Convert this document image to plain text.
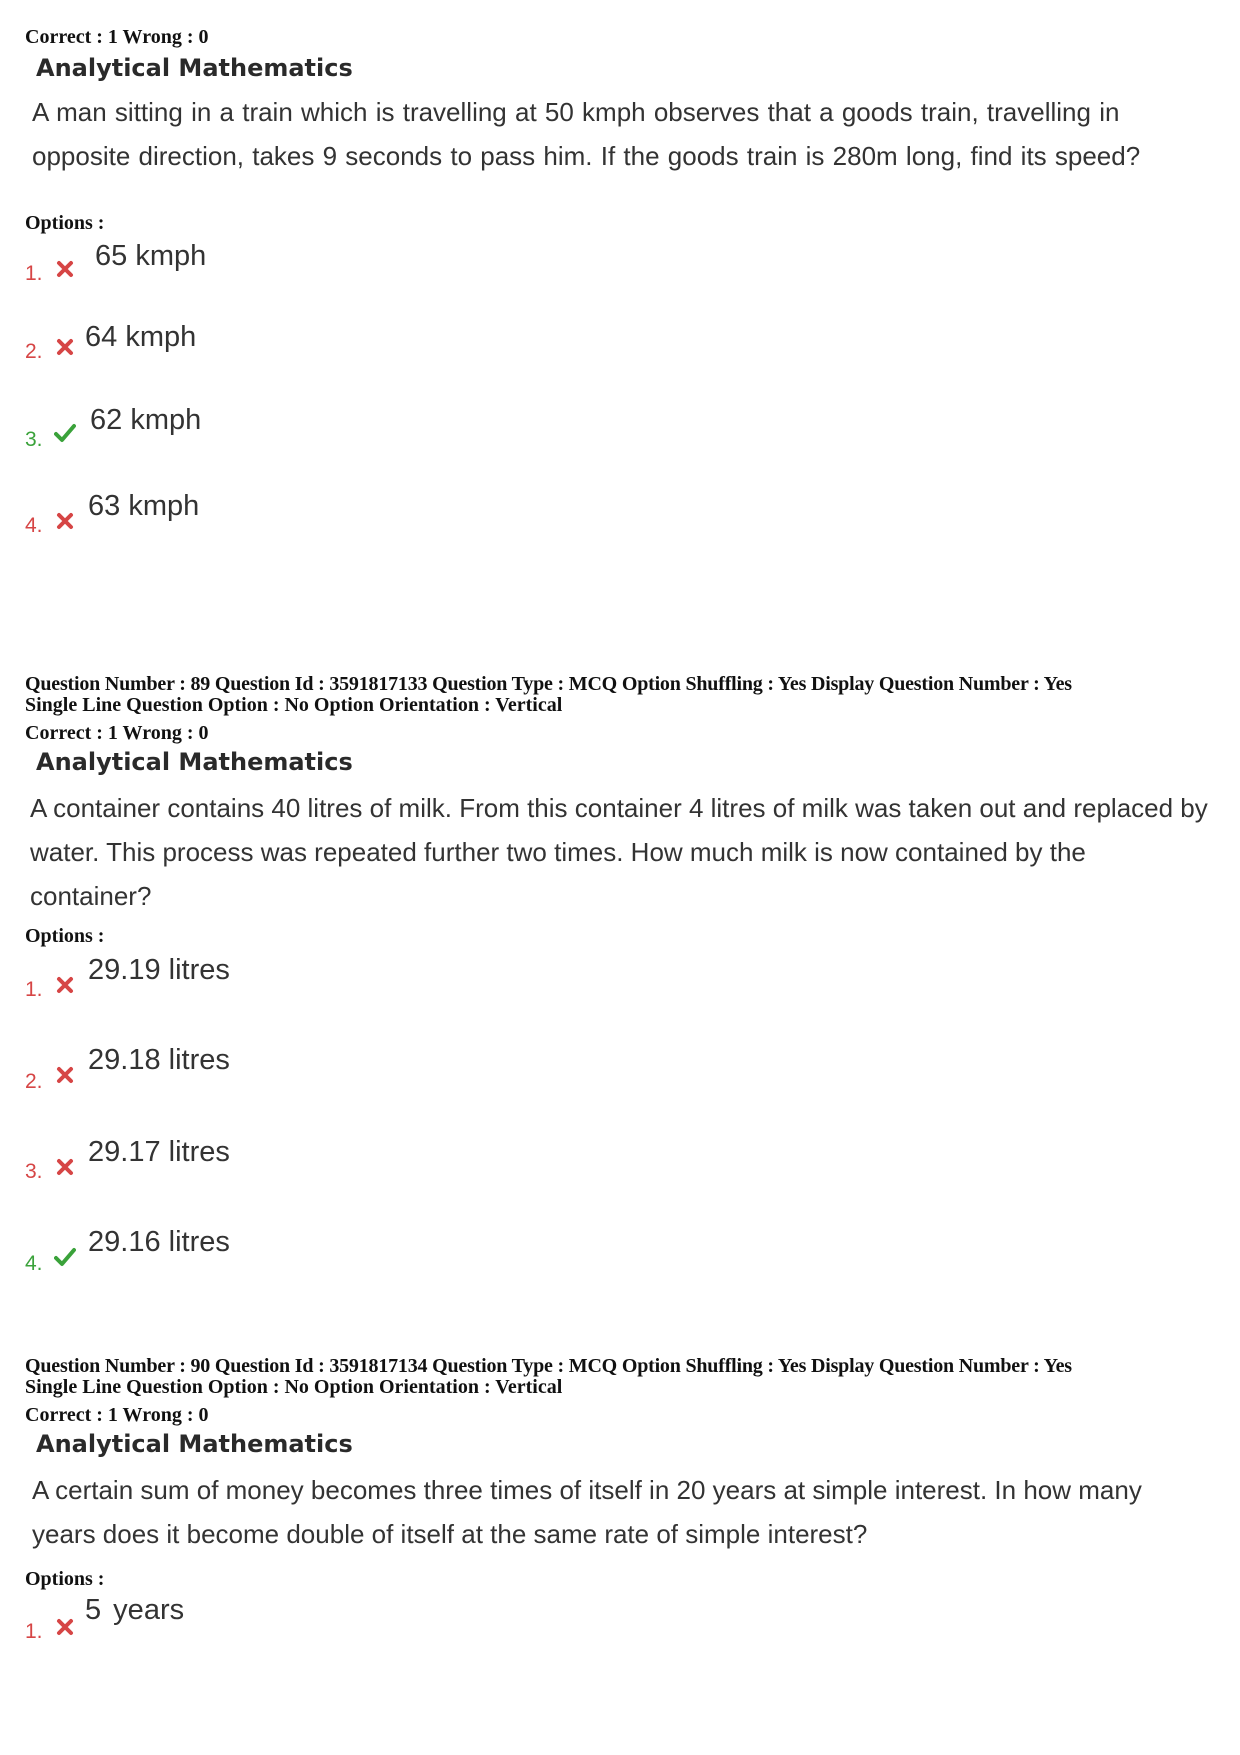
Correct : 1 Wrong : 0
Analytical Mathematics
A man sitting in a train which is travelling at 50 kmph observes that a goods train, travelling in opposite direction, takes 9 seconds to pass him. If the goods train is 280m long, find its speed?
Options :
1.
65 kmph
2. 64 kmph
3.
62 kmph
4.
63 kmph
Question Number : 89 Question Id : 3591817133 Question Type : MCQ Option Shuffling : Yes Display Question Number : Yes
Single Line Question Option : No Option Orientation : Vertical
Correct : 1 Wrong : 0
Analytical Mathematics
A container contains 40 litres of milk. From this container 4 litres of milk was taken out and replaced by water. This process was repeated further two times. How much milk is now contained by the container?
Options :
1.
29.19 litres
2.
29.18 litres
3.
29.17 litres
4.
29.16 litres
Question Number : 90 Question Id : 3591817134 Question Type : MCQ Option Shuffling : Yes Display Question Number : Yes
Single Line Question Option : No Option Orientation : Vertical
Correct : 1 Wrong : 0
Analytical Mathematics
A certain sum of money becomes three times of itself in 20 years at simple interest. In how many years does it become double of itself at the same rate of simple interest?
Options :
1.
5 years
